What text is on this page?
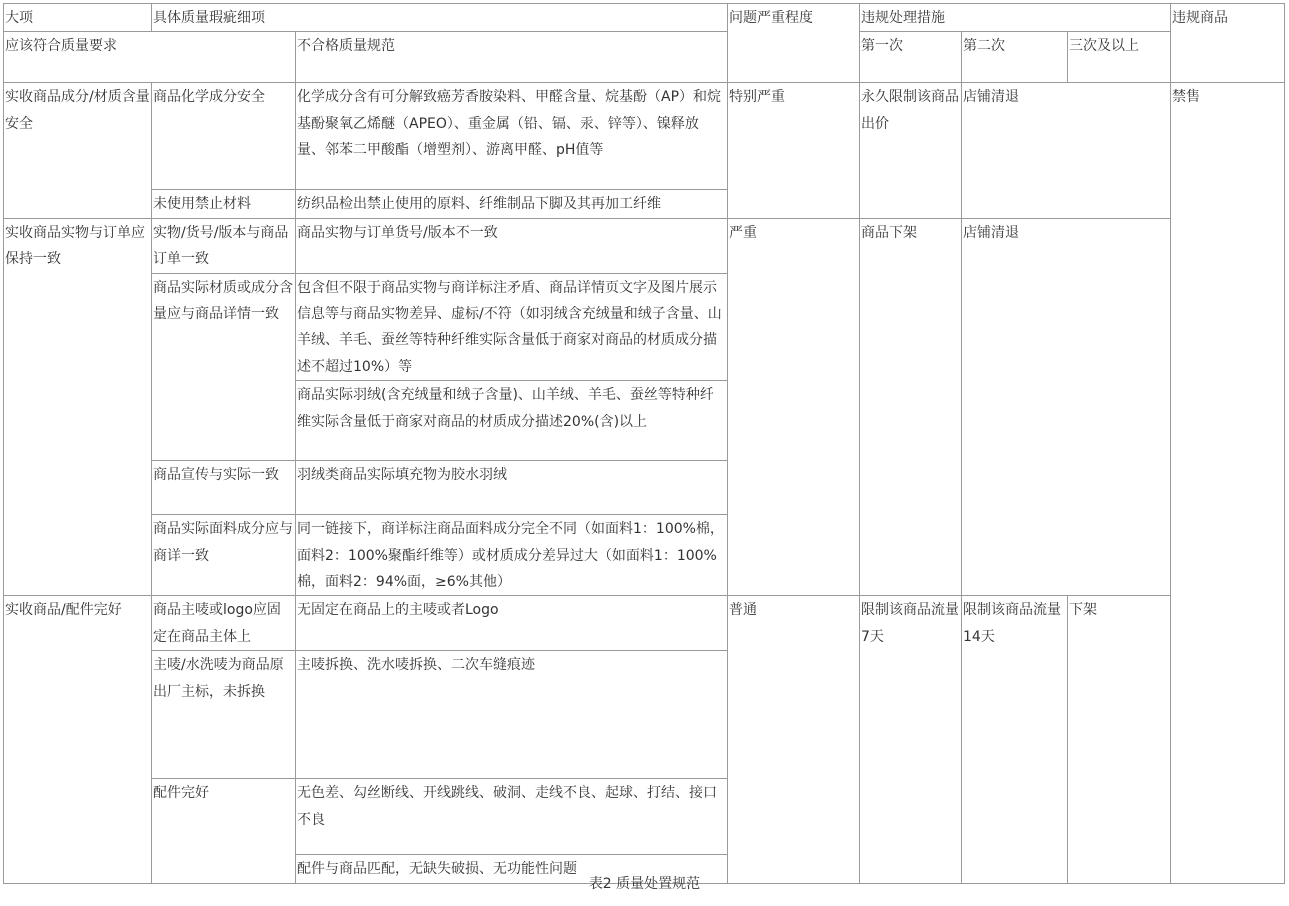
大项	具体质量瑕疵细项		问题严重程度	违规处理措施			违规商品
应该符合质量要求		不合格质量规范		第一次	第二次	三次及以上	
实收商品成分/材质含量安全	商品化学成分安全	化学成分含有可分解致癌芳香胺染料、甲醛含量、烷基酚（AP）和烷基酚聚氧乙烯醚（APEO）、重金属（铅、镉、汞、锌等）、镍释放量、邻苯二甲酸酯（增塑剂）、游离甲醛、pH值等	特别严重	永久限制该商品出价	店铺清退		禁售
	未使用禁止材料	纺织品检出禁止使用的原料、纤维制品下脚及其再加工纤维					
实收商品实物与订单应保持一致	实物/货号/版本与商品订单一致	商品实物与订单货号/版本不一致	严重	商品下架	店铺清退		
	商品实际材质或成分含量应与商品详情一致	包含但不限于商品实物与商详标注矛盾、商品详情页文字及图片展示信息等与商品实物差异、虚标/不符（如羽绒含充绒量和绒子含量、山羊绒、羊毛、蚕丝等特种纤维实际含量低于商家对商品的材质成分描述不超过10%）等					
		商品实际羽绒(含充绒量和绒子含量)、山羊绒、羊毛、蚕丝等特种纤维实际含量低于商家对商品的材质成分描述20%(含)以上					
	商品宣传与实际一致	羽绒类商品实际填充物为胶水羽绒					
	商品实际面料成分应与商详一致	同一链接下，商详标注商品面料成分完全不同（如面料1：100%棉，面料2：100%聚酯纤维等）或材质成分差异过大（如面料1：100%棉，面料2：94%面，≥6%其他）					

实收商品/配件完好	商品主唛或logo应固定在商品主体上	无固定在商品上的主唛或者Logo	普通	限制该商品流量7天	限制该商品流量14天	下架	
	主唛/水洗唛为商品原出厂主标，未拆换	主唛拆换、洗水唛拆换、二次车缝痕迹					
	配件完好	无色差、勾丝断线、开线跳线、破洞、走线不良、起球、打结、接口不良					
		配件与商品匹配，无缺失破损、无功能性问题					

表2 质量处置规范
